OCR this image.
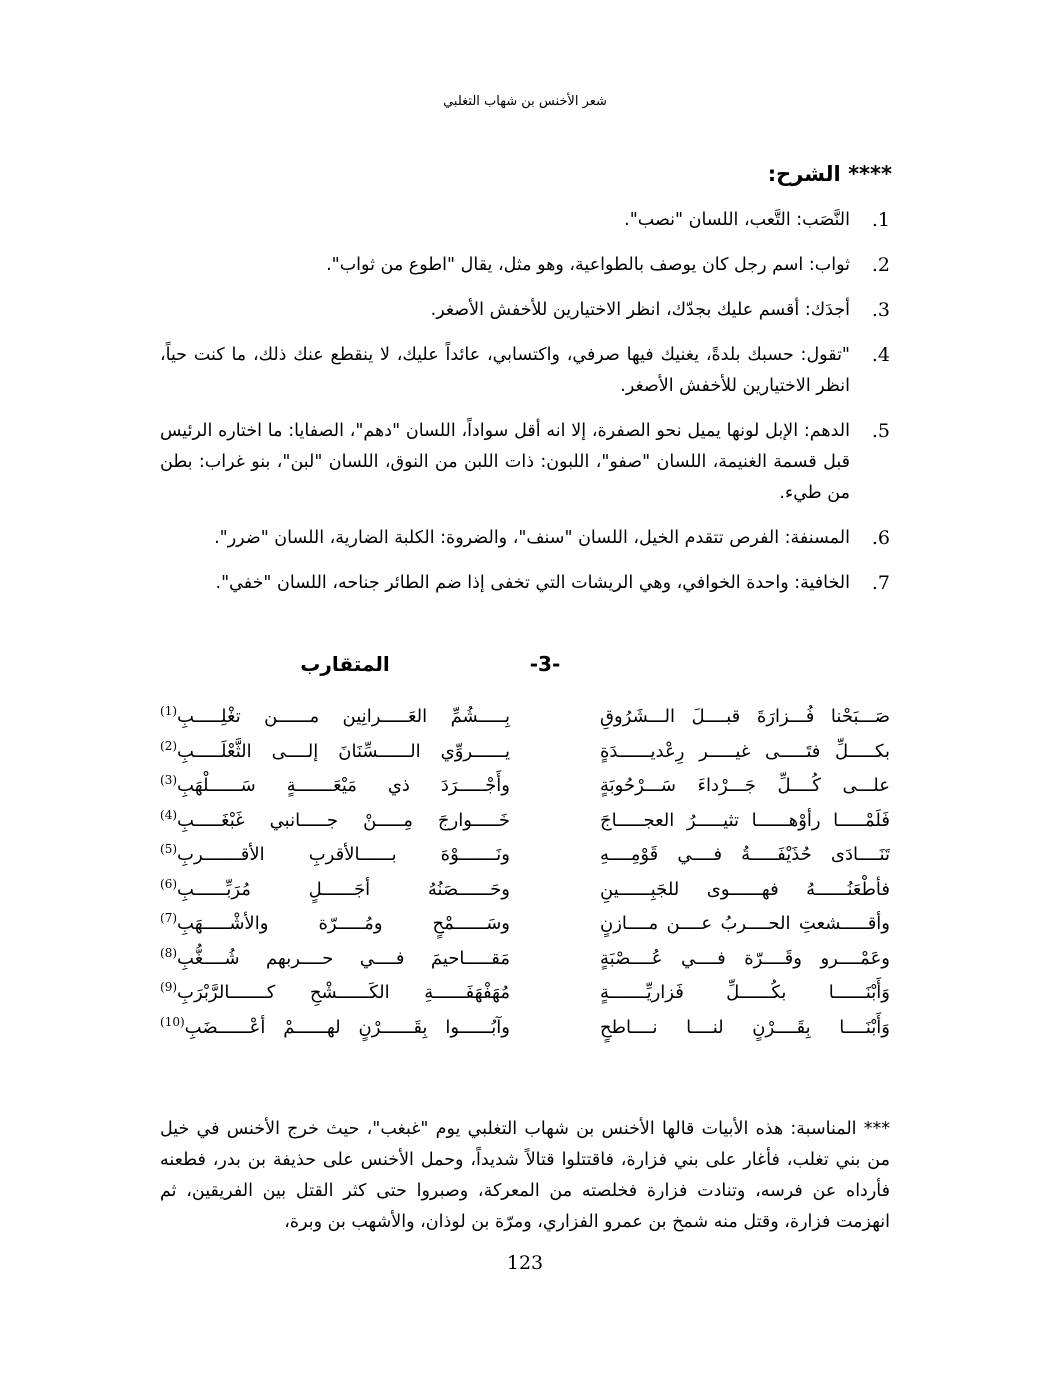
شعر الأخنس بن شهاب التغلبي
**** الشرح:
1.
النَّصَب: التَّعب، اللسان "نصب".
2.
ثواب: اسم رجل كان يوصف بالطواعية، وهو مثل، يقال "اطوع من ثواب".
3.
أجدَك: أقسم عليك بجدّك، انظر الاختيارين للأخفش الأصغر.
4.
"تقول: حسبك بلدةً، يغنيك فيها صرفي، واكتسابي، عائداً عليك، لا ينقطع عنك ذلك، ما كنت حياً، انظر الاختيارين للأخفش الأصغر.
5.
الدهم: الإبل لونها يميل نحو الصفرة، إلا انه أقل سواداً، اللسان "دهم"، الصفايا: ما اختاره الرئيس قبل قسمة الغنيمة، اللسان "صفو"، اللبون: ذات اللبن من النوق، اللسان "لبن"، بنو غراب: بطن من طيء.
6.
المسنفة: الفرص تتقدم الخيل، اللسان "سنف"، والضروة: الكلبة الضارية، اللسان "ضرر".
7.
الخافية: واحدة الخوافي، وهي الريشات التي تخفى إذا ضم الطائر جناحه، اللسان "خفي".
-3-
المتقارب
صَـــبَحْنا فُـــزارَةَ قبــــلَ الـــشَرُوقِ
بِـــــشُمِّ العَـــــرانِين مــــــن تغْلِـــــبِ$^{(1)}$
بكـــــلِّ فتَـــــى غيـــــر رِعْديــــــدَةٍ
يــــــروِّي الــــــسِّنَانَ إلــــى الثَّعْلَـــــبِ$^{(2)}$
علـــى كُــــلِّ جَـــرْداءَ سَـــرْحُوبَةٍ
وأَجْـــــرَدَ ذي مَيْعَـــــــةٍ سَــــــلْهَبِ$^{(3)}$
فَلَمْـــــا رأوْهــــــا تثيـــــرُ العجـــــاجَ
خَـــــوارجَ مِـــــنْ جـــــانبي غَبْغَـــــبِ$^{(4)}$
تَنَــــادَى حُذَيْفَـــــةُ فــــي قَوْمِــــهِ
ونَـــــــوْهَ بــــــالأقربِ الأقـــــــربِ$^{(5)}$
فأطْعَنُــــــهُ فهــــــوى للجَبِــــــينِ
وحَــــــصَنُهُ أجَــــــلٍ مُرَبِّــــــبِ$^{(6)}$
وأقـــــشعتِ الحــــربُ عــــن مــــازنٍ
وسَــــــمْحٍ ومُـــــرّة والأشْـــــهَبِ$^{(7)}$
وعَمْــــرو وقَــــرّة فــــي عُــــصْبَةٍ
مَقـــــاحيمَ فــــي حــــربهم شُــــغُّبِ$^{(8)}$
وَأَبْنَــــــا بكُــــــلِّ فَزاريِّـــــــةٍ
مُهَفْهَفَــــــةِ الكَــــــشْحِ كـــــــالرَّبْرَبِ$^{(9)}$
وَأَبْنَــــا بِقَــــرْنٍ لنــــا نــــاطحٍ
وآبُــــــوا بِقَــــــرْنٍ لهــــــمْ أعْــــــضَبِ$^{(10)}$

*** المناسبة: هذه الأبيات قالها الأخنس بن شهاب التغلبي يوم "غبغب"، حيث خرج الأخنس في خيل من بني تغلب، فأغار على بني فزارة، فاقتتلوا قتالاً شديداً، وحمل الأخنس على حذيفة بن بدر، فطعنه فأرداه عن فرسه، وتنادت فزارة فخلصته من المعركة، وصبروا حتى كثر القتل بين الفريقين، ثم انهزمت فزارة، وقتل منه شمخ بن عمرو الفزاري، ومرّة بن لوذان، والأشهب بن وبرة،

123
